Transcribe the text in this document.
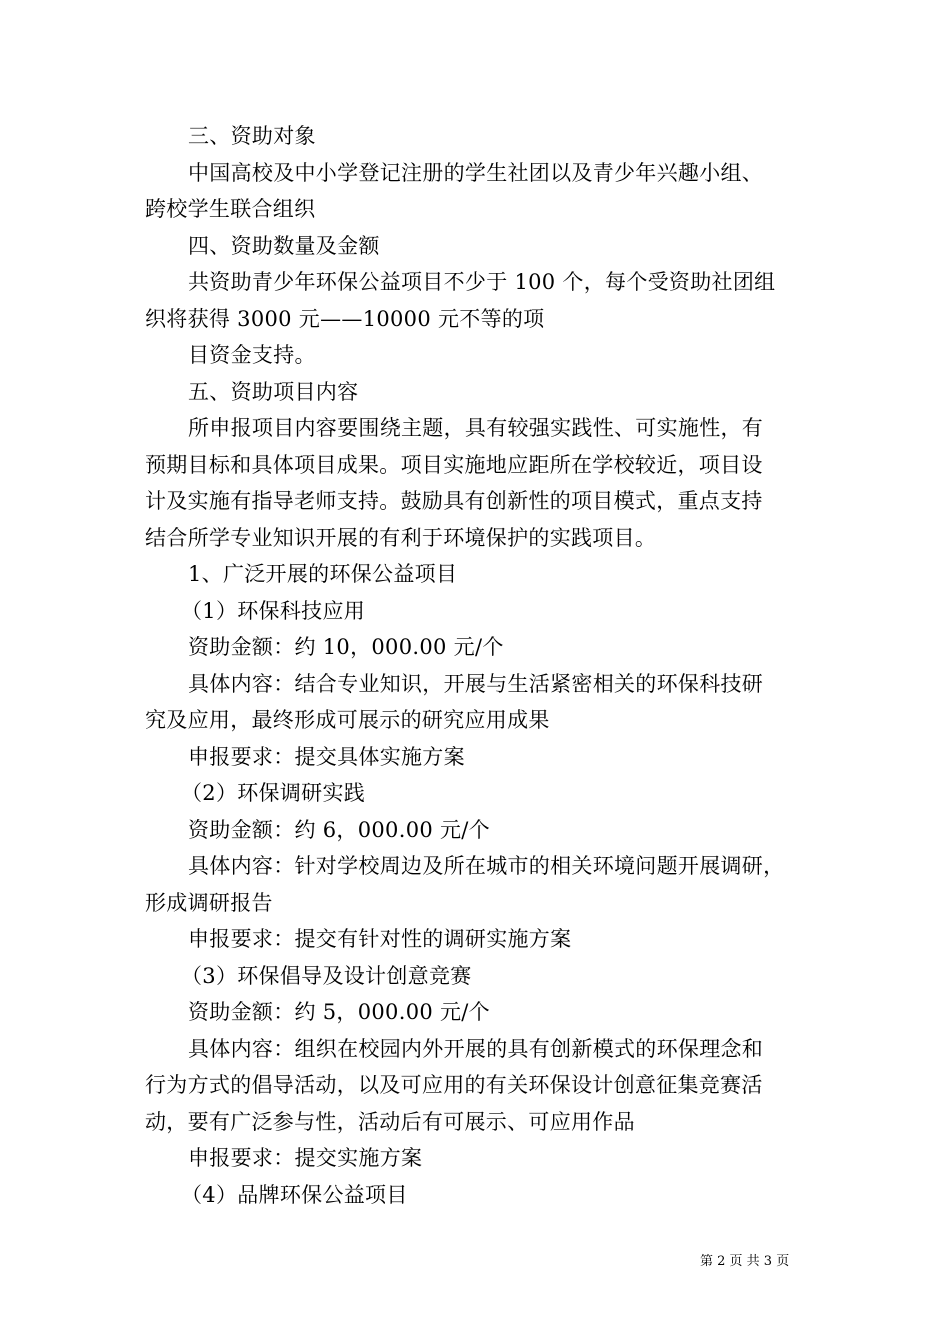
三、资助对象
中国高校及中小学登记注册的学生社团以及青少年兴趣小组、
跨校学生联合组织
四、资助数量及金额
共资助青少年环保公益项目不少于 100 个，每个受资助社团组
织将获得 3000 元——10000 元不等的项
目资金支持。
五、资助项目内容
所申报项目内容要围绕主题，具有较强实践性、可实施性，有
预期目标和具体项目成果。项目实施地应距所在学校较近，项目设
计及实施有指导老师支持。鼓励具有创新性的项目模式，重点支持
结合所学专业知识开展的有利于环境保护的实践项目。
1、广泛开展的环保公益项目
（1）环保科技应用
资助金额：约 10，000.00 元/个
具体内容：结合专业知识，开展与生活紧密相关的环保科技研
究及应用，最终形成可展示的研究应用成果
申报要求：提交具体实施方案
（2）环保调研实践
资助金额：约 6，000.00 元/个
具体内容：针对学校周边及所在城市的相关环境问题开展调研，
形成调研报告
申报要求：提交有针对性的调研实施方案
（3）环保倡导及设计创意竞赛
资助金额：约 5，000.00 元/个
具体内容：组织在校园内外开展的具有创新模式的环保理念和
行为方式的倡导活动，以及可应用的有关环保设计创意征集竞赛活
动，要有广泛参与性，活动后有可展示、可应用作品
申报要求：提交实施方案
（4）品牌环保公益项目
第 2 页 共 3 页
